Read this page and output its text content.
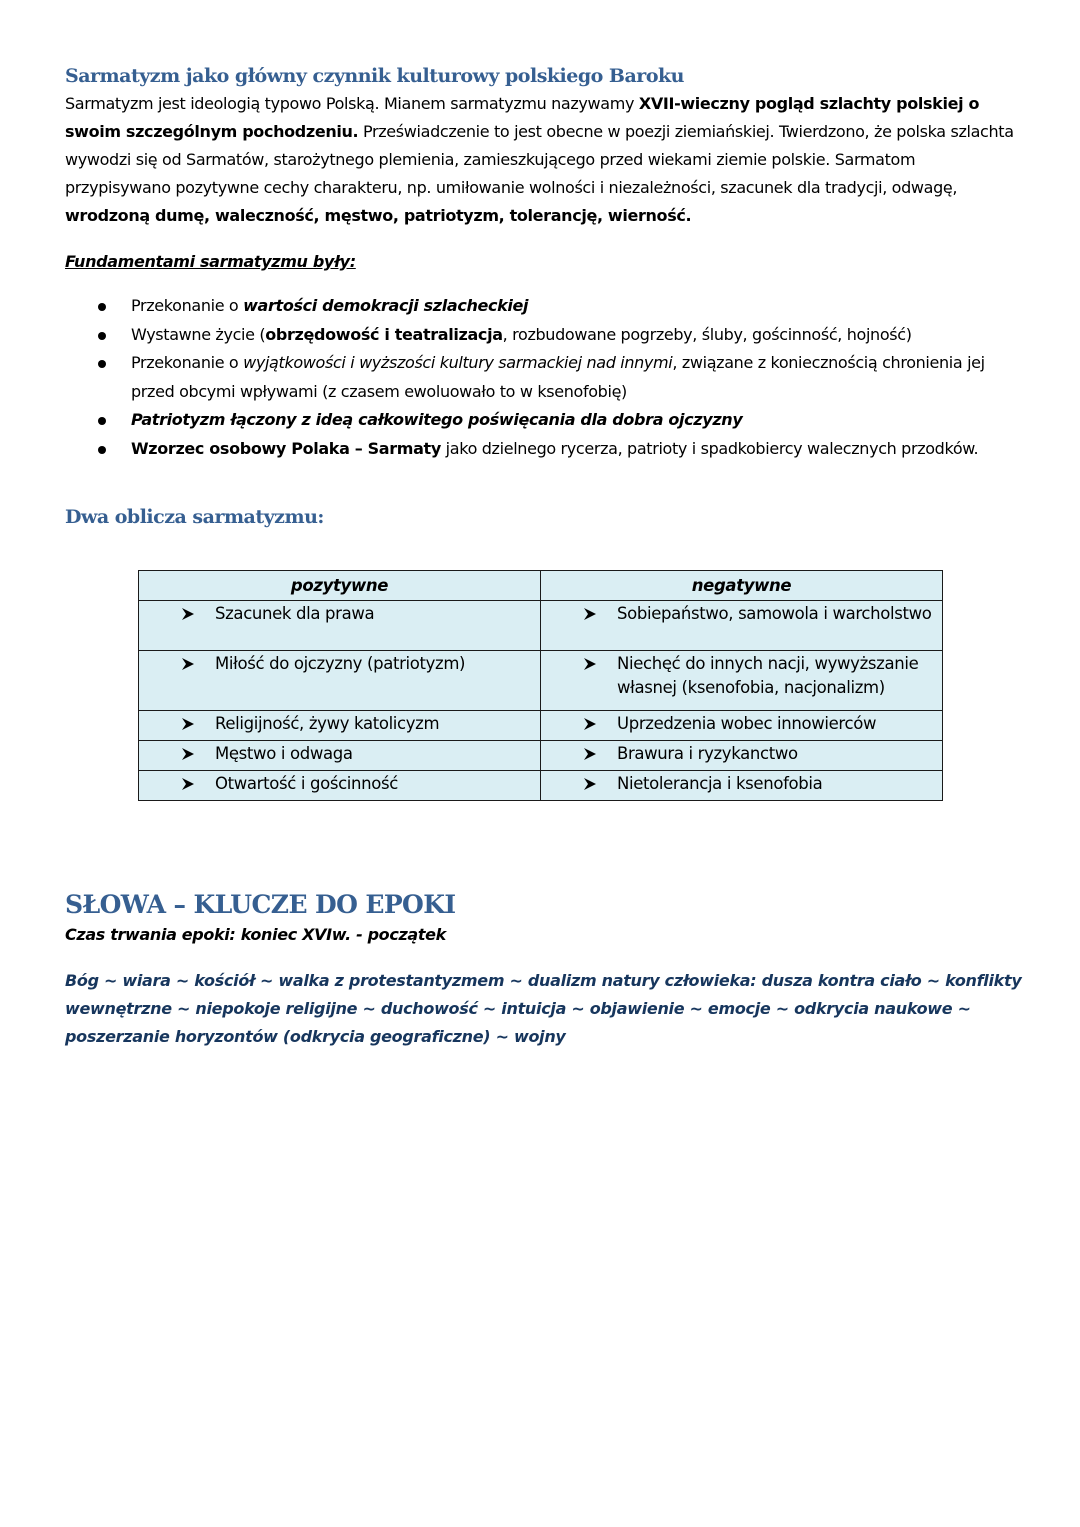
Sarmatyzm jako główny czynnik kulturowy polskiego Baroku

Sarmatyzm jest ideologią typowo Polską. Mianem sarmatyzmu nazywamy XVII-wieczny pogląd szlachty polskiej o swoim szczególnym pochodzeniu. Przeświadczenie to jest obecne w poezji ziemiańskiej. Twierdzono, że polska szlachta wywodzi się od Sarmatów, starożytnego plemienia, zamieszkującego przed wiekami ziemie polskie. Sarmatom przypisywano pozytywne cechy charakteru, np. umiłowanie wolności i niezależności, szacunek dla tradycji, odwagę, wrodzoną dumę, waleczność, męstwo, patriotyzm, tolerancję, wierność.

Fundamentami sarmatyzmu były:

Przekonanie o wartości demokracji szlacheckiej
Wystawne życie (obrzędowość i teatralizacja, rozbudowane pogrzeby, śluby, gościnność, hojność)
Przekonanie o wyjątkowości i wyższości kultury sarmackiej nad innymi, związane z koniecznością chronienia jej przed obcymi wpływami (z czasem ewoluowało to w ksenofobię)
Patriotyzm łączony z ideą całkowitego poświęcania dla dobra ojczyzny
Wzorzec osobowy Polaka – Sarmaty jako dzielnego rycerza, patrioty i spadkobiercy walecznych przodków.
Dwa oblicza sarmatyzmu:
pozytywne	negatywne

Szacunek dla prawa	Sobiepaństwo, samowola i warcholstwo

Miłość do ojczyzny (patriotyzm)	Niechęć do innych nacji, wywyższanie własnej (ksenofobia, nacjonalizm)

Religijność, żywy katolicyzm	Uprzedzenia wobec innowierców

Męstwo i odwaga	Brawura i ryzykanctwo

Otwartość i gościnność	Nietolerancja i ksenofobia
SŁOWA – KLUCZE DO EPOKI

Czas trwania epoki: koniec XVIw. - początek

Bóg ~ wiara ~ kościół ~ walka z protestantyzmem ~ dualizm natury człowieka: dusza kontra ciało ~ konflikty wewnętrzne ~ niepokoje religijne ~ duchowość ~ intuicja ~ objawienie ~ emocje ~ odkrycia naukowe ~ poszerzanie horyzontów (odkrycia geograficzne) ~ wojny
